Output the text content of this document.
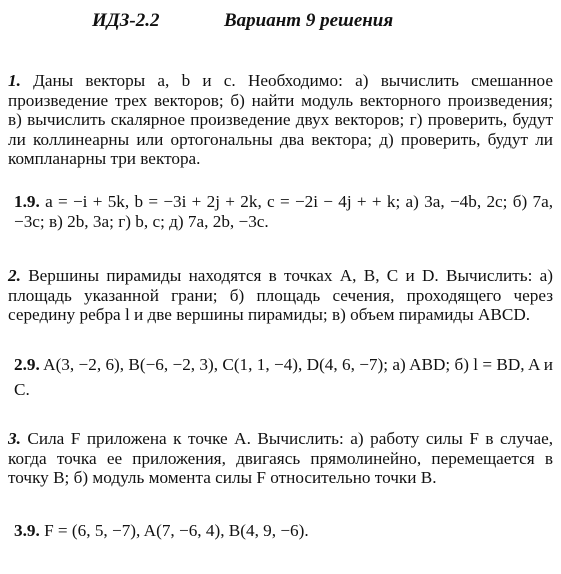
ИДЗ-2.2	Вариант 9 решения
1. Даны векторы a, b и c. Необходимо: а) вычислить смешанное произведение трех векторов; б) найти модуль векторного произведения; в) вычислить скалярное произведение двух векторов; г) проверить, будут ли коллинеарны или ортогональны два вектора; д) проверить, будут ли компланарны три вектора.
1.9. a = −i + 5k, b = −3i + 2j + 2k, c = −2i − 4j + + k; а) 3a, −4b, 2c; б) 7a, −3c; в) 2b, 3a; г) b, c; д) 7a, 2b, −3c.
2. Вершины пирамиды находятся в точках A, B, C и D. Вычислить: а) площадь указанной грани; б) площадь сечения, проходящего через середину ребра l и две вершины пирамиды; в) объем пирамиды ABCD.
2.9. A(3, −2, 6), B(−6, −2, 3), C(1, 1, −4), D(4, 6, −7); а) ABD; б) l = BD, A и C.
3. Сила F приложена к точке A. Вычислить: а) работу силы F в случае, когда точка ее приложения, двигаясь прямолинейно, перемещается в точку B; б) модуль момента силы F относительно точки B.
3.9. F = (6, 5, −7), A(7, −6, 4), B(4, 9, −6).
